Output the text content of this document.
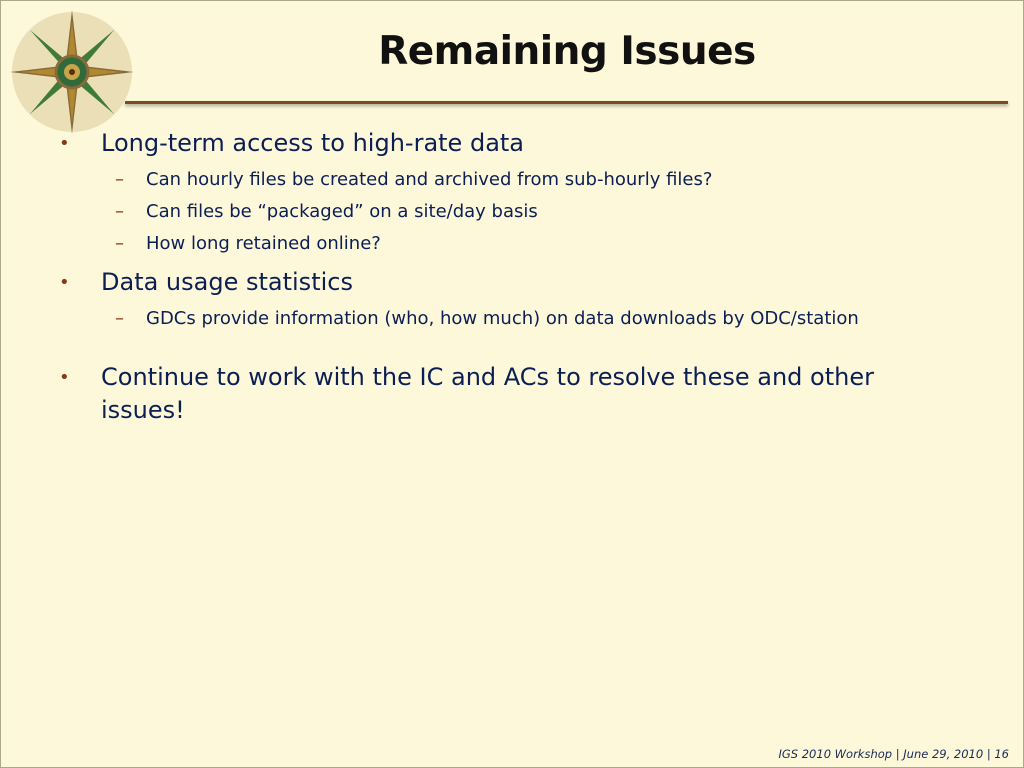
Remaining Issues
• Long-term access to high-rate data
– Can hourly files be created and archived from sub-hourly files?
– Can files be “packaged” on a site/day basis
– How long retained online?
• Data usage statistics
– GDCs provide information (who, how much) on data downloads by ODC/station
• Continue to work with the IC and ACs to resolve these and other issues!
IGS 2010 Workshop | June 29, 2010 | 16
